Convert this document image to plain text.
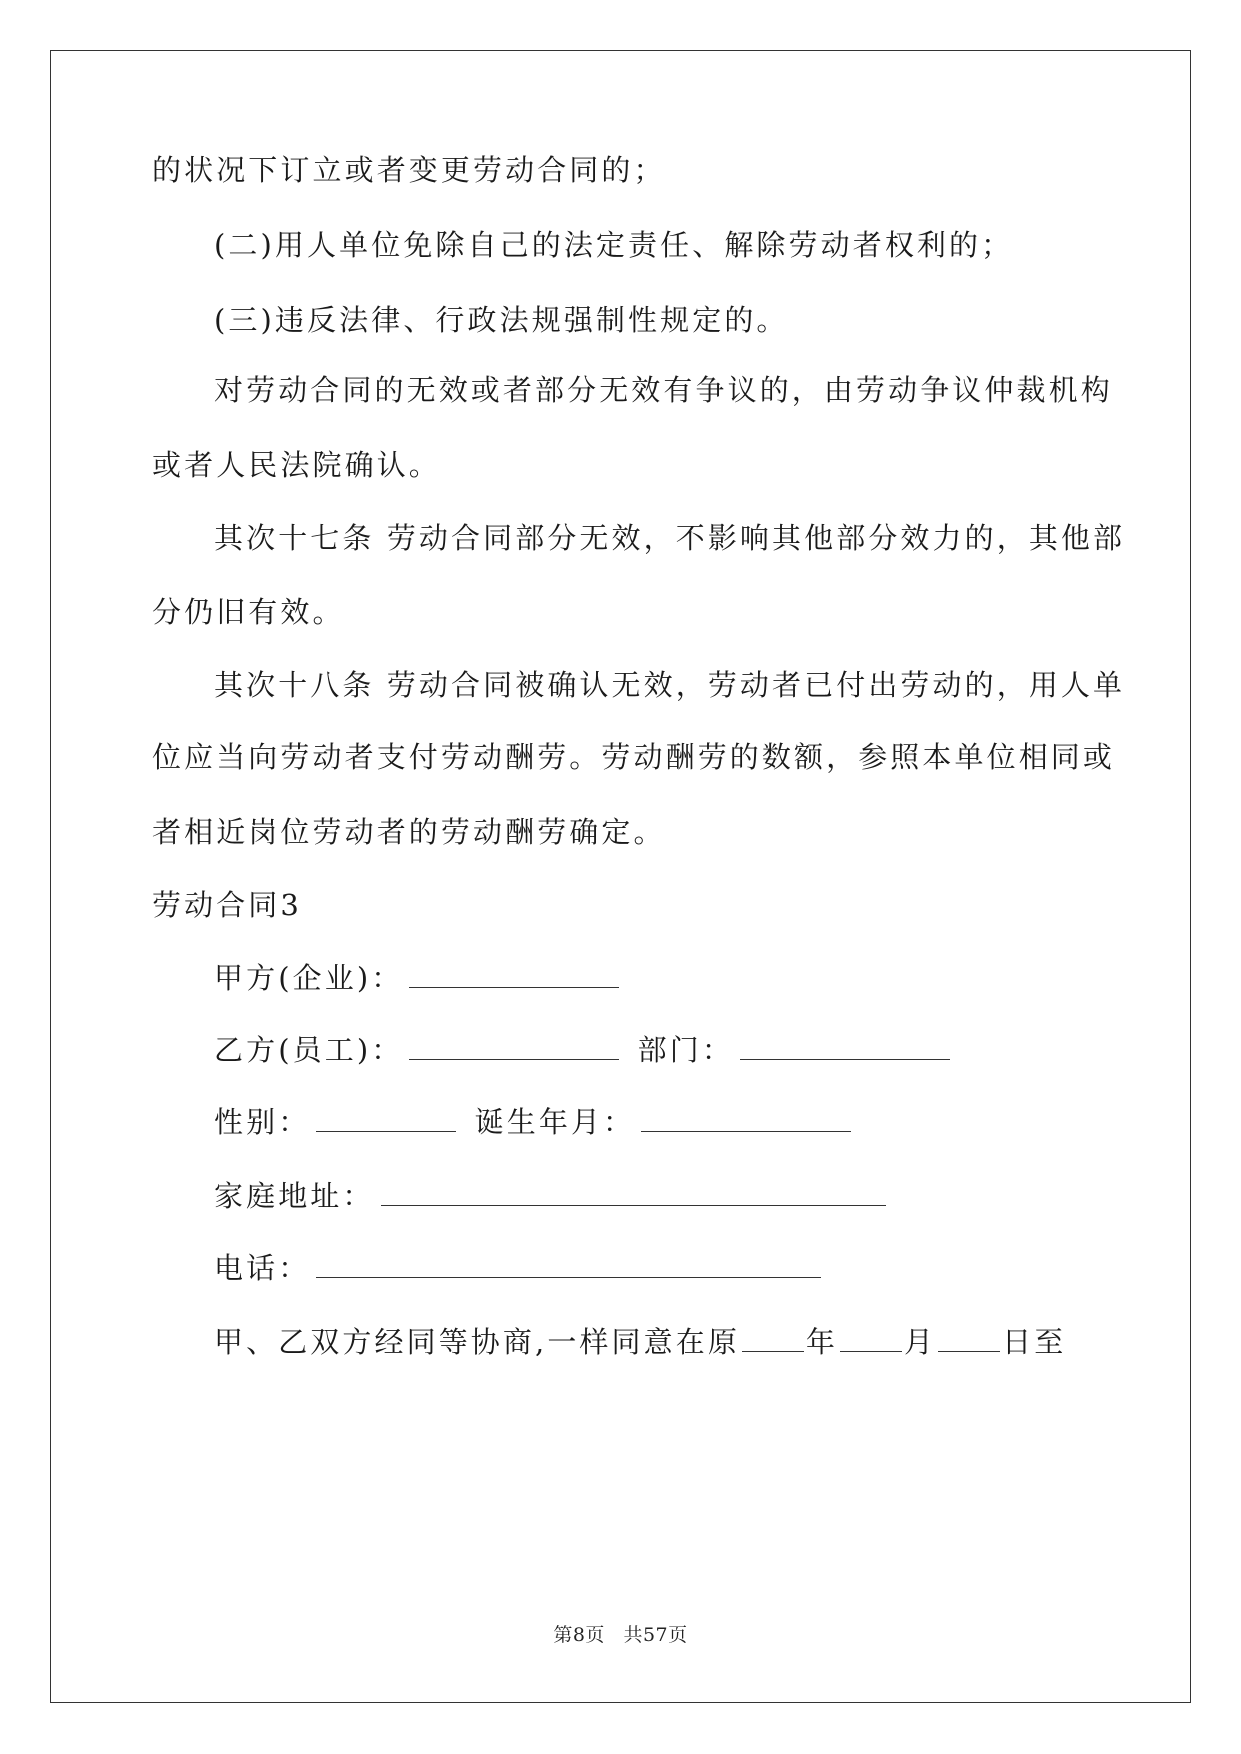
的状况下订立或者变更劳动合同的；
(二)用人单位免除自己的法定责任、解除劳动者权利的；
(三)违反法律、行政法规强制性规定的。
对劳动合同的无效或者部分无效有争议的，由劳动争议仲裁机构
或者人民法院确认。
其次十七条 劳动合同部分无效，不影响其他部分效力的，其他部
分仍旧有效。
其次十八条 劳动合同被确认无效，劳动者已付出劳动的，用人单
位应当向劳动者支付劳动酬劳。劳动酬劳的数额，参照本单位相同或
者相近岗位劳动者的劳动酬劳确定。
劳动合同3
甲方(企业)：
乙方(员工)：	部门：
性别：	诞生年月：
家庭地址：
电话：
甲、乙双方经同等协商,一样同意在原 年 月 日至
第8页 共57页
